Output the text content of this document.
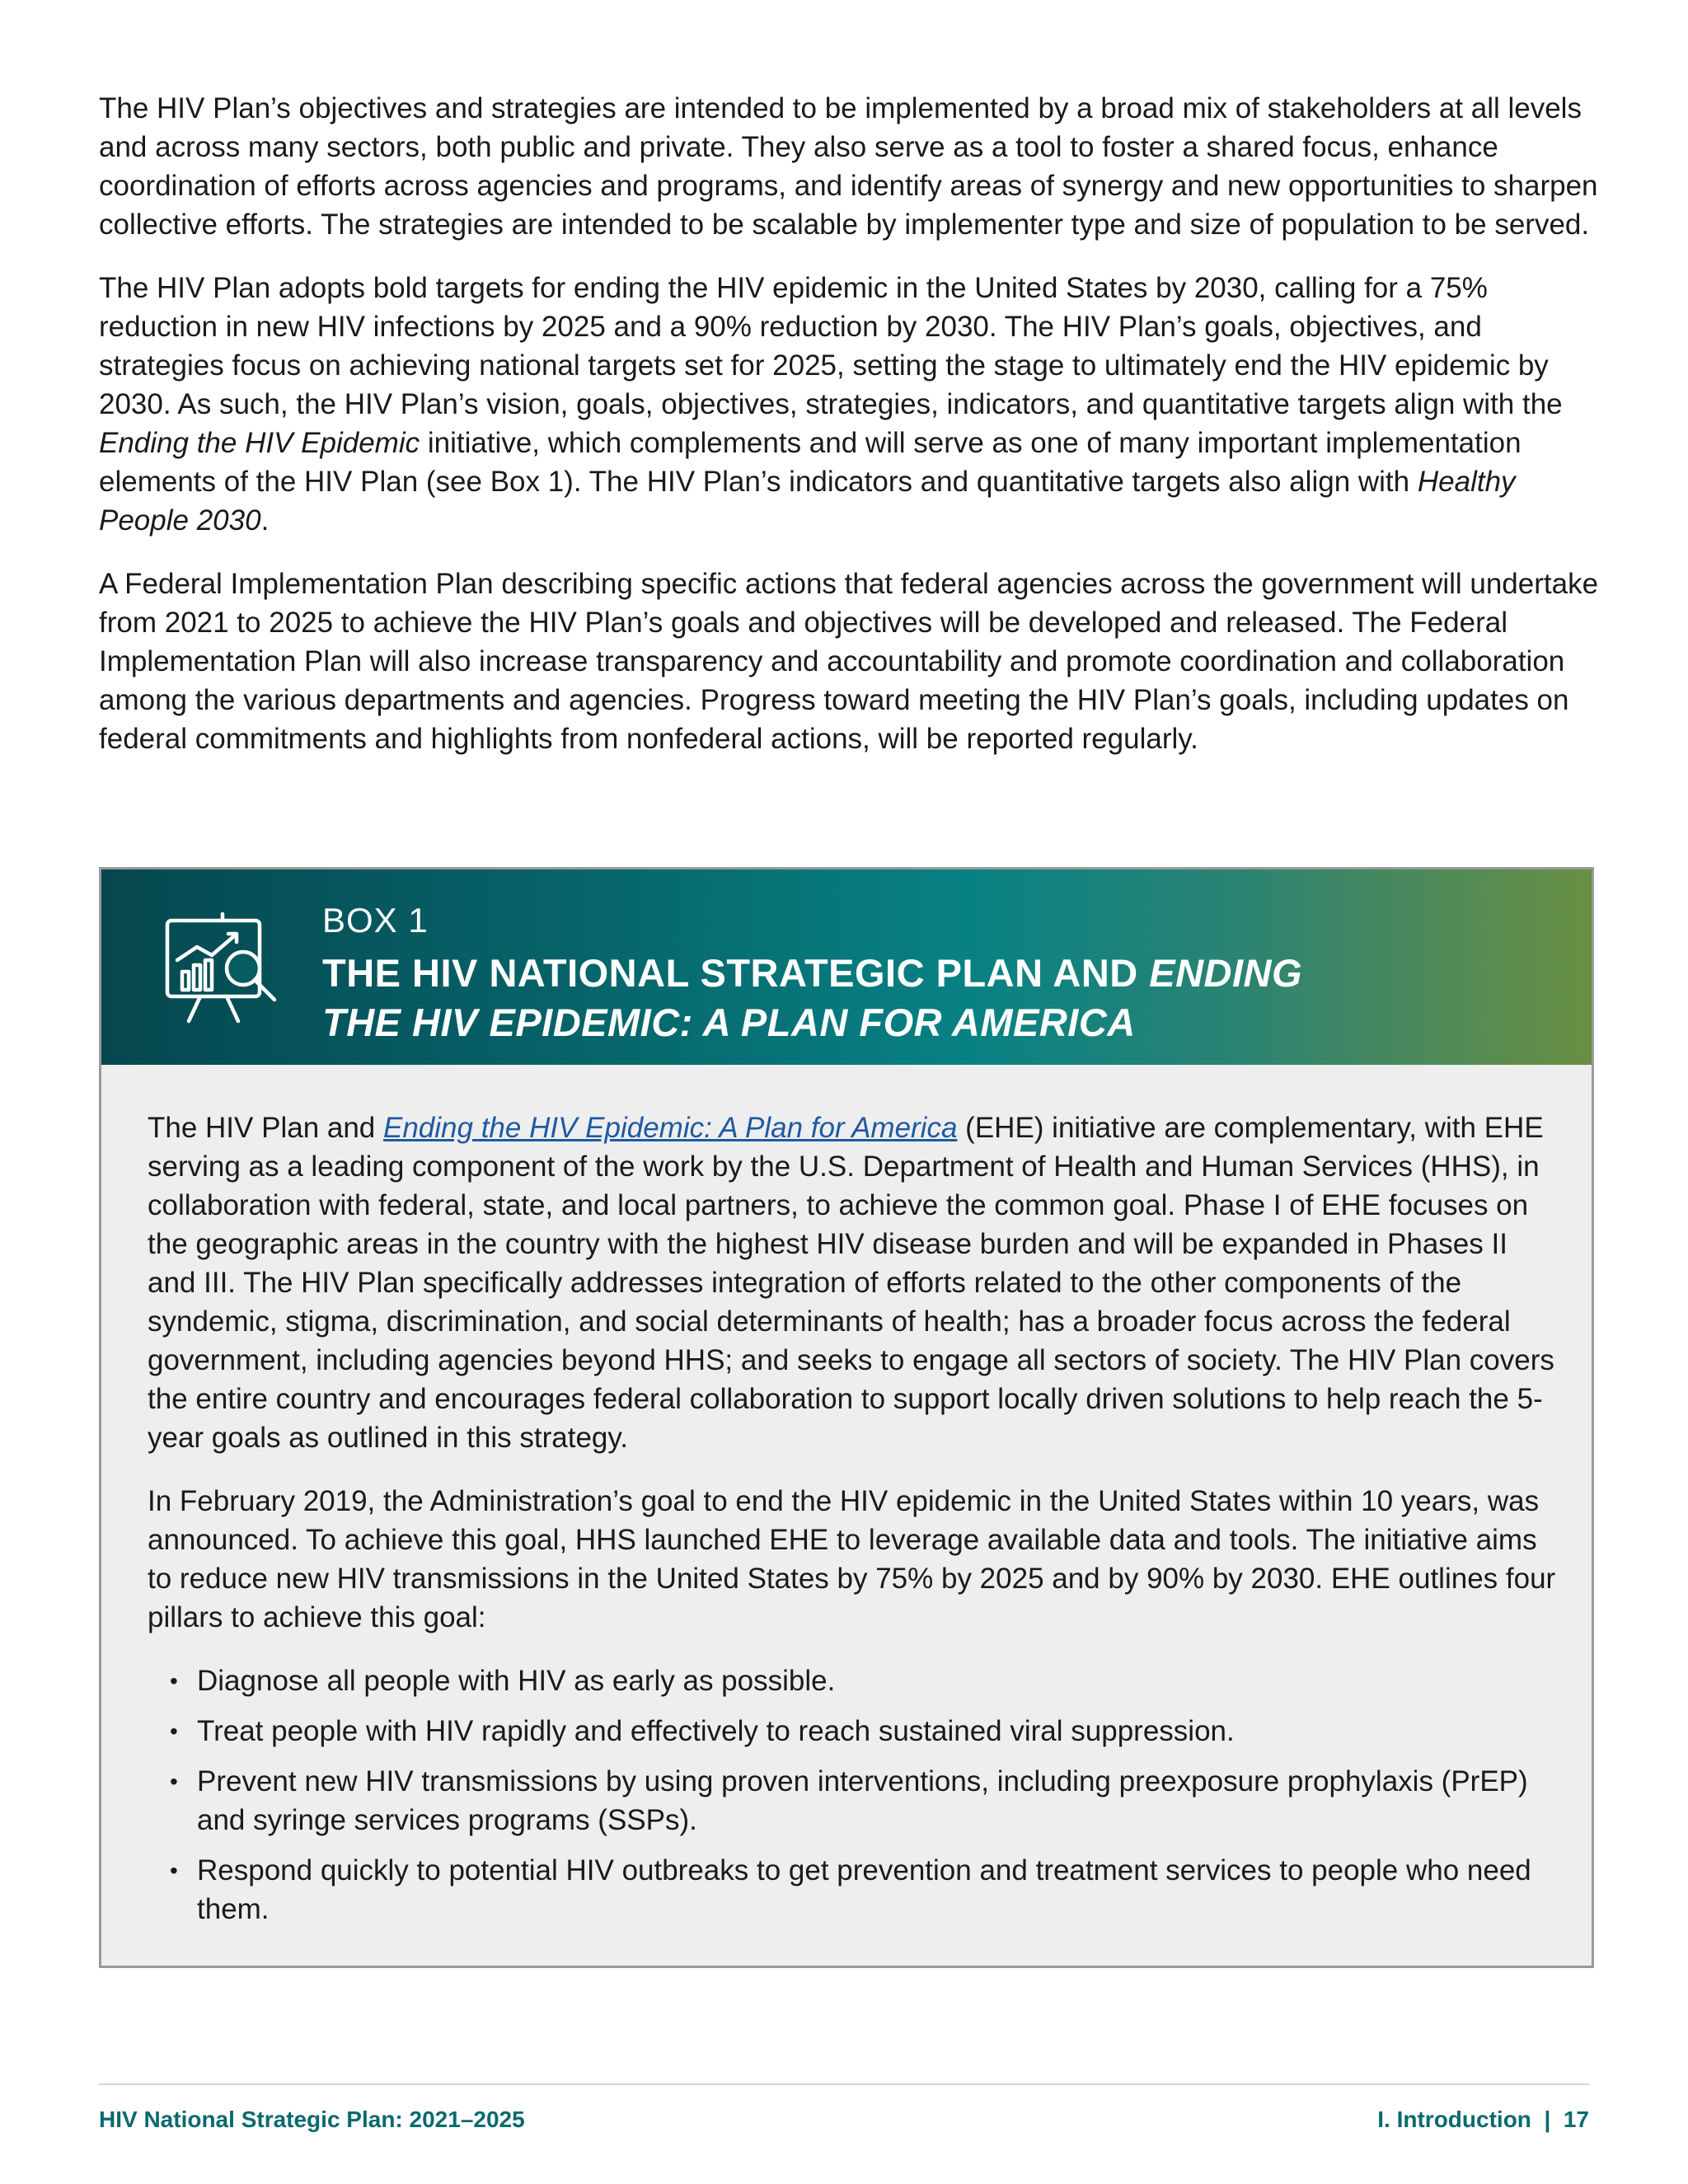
The HIV Plan’s objectives and strategies are intended to be implemented by a broad mix of stakeholders at all levels and across many sectors, both public and private. They also serve as a tool to foster a shared focus, enhance coordination of efforts across agencies and programs, and identify areas of synergy and new opportunities to sharpen collective efforts. The strategies are intended to be scalable by implementer type and size of population to be served.

The HIV Plan adopts bold targets for ending the HIV epidemic in the United States by 2030, calling for a 75% reduction in new HIV infections by 2025 and a 90% reduction by 2030. The HIV Plan’s goals, objectives, and strategies focus on achieving national targets set for 2025, setting the stage to ultimately end the HIV epidemic by 2030. As such, the HIV Plan’s vision, goals, objectives, strategies, indicators, and quantitative targets align with the Ending the HIV Epidemic initiative, which complements and will serve as one of many important implementation elements of the HIV Plan (see Box 1). The HIV Plan’s indicators and quantitative targets also align with Healthy People 2030.

A Federal Implementation Plan describing specific actions that federal agencies across the government will undertake from 2021 to 2025 to achieve the HIV Plan’s goals and objectives will be developed and released. The Federal Implementation Plan will also increase transparency and accountability and promote coordination and collaboration among the various departments and agencies. Progress toward meeting the HIV Plan’s goals, including updates on federal commitments and highlights from nonfederal actions, will be reported regularly.

BOX 1
THE HIV NATIONAL STRATEGIC PLAN AND ENDING
THE HIV EPIDEMIC: A PLAN FOR AMERICA

The HIV Plan and Ending the HIV Epidemic: A Plan for America (EHE) initiative are complementary, with EHE serving as a leading component of the work by the U.S. Department of Health and Human Services (HHS), in collaboration with federal, state, and local partners, to achieve the common goal. Phase I of EHE focuses on the geographic areas in the country with the highest HIV disease burden and will be expanded in Phases II and III. The HIV Plan specifically addresses integration of efforts related to the other components of the syndemic, stigma, discrimination, and social determinants of health; has a broader focus across the federal government, including agencies beyond HHS; and seeks to engage all sectors of society. The HIV Plan covers the entire country and encourages federal collaboration to support locally driven solutions to help reach the 5-year goals as outlined in this strategy.

In February 2019, the Administration’s goal to end the HIV epidemic in the United States within 10 years, was announced. To achieve this goal, HHS launched EHE to leverage available data and tools. The initiative aims to reduce new HIV transmissions in the United States by 75% by 2025 and by 90% by 2030. EHE outlines four pillars to achieve this goal:

• Diagnose all people with HIV as early as possible.
• Treat people with HIV rapidly and effectively to reach sustained viral suppression.
• Prevent new HIV transmissions by using proven interventions, including preexposure prophylaxis (PrEP) and syringe services programs (SSPs).
• Respond quickly to potential HIV outbreaks to get prevention and treatment services to people who need them.
HIV National Strategic Plan: 2021–2025	I. Introduction  |  17
